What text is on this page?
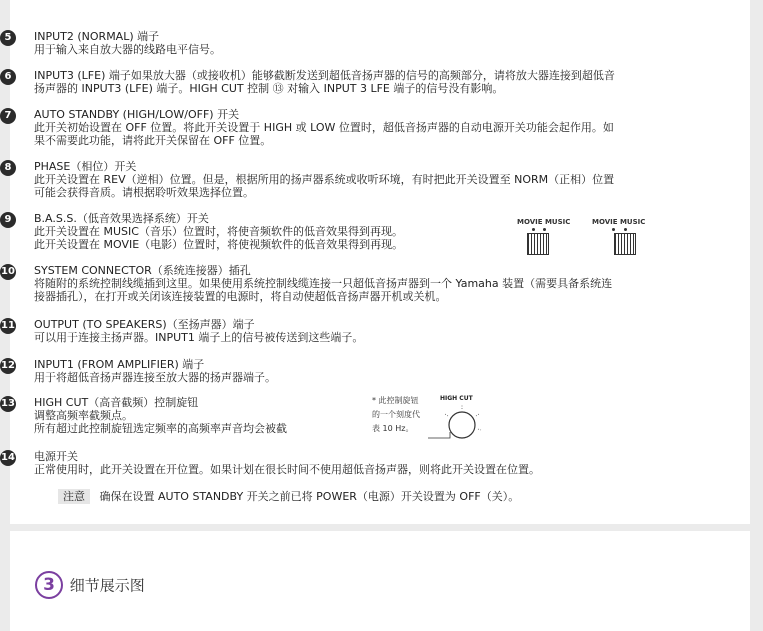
5	INPUT2 (NORMAL) 端子
用于输入来自放大器的线路电平信号。
6	INPUT3 (LFE) 端子如果放大器（或接收机）能够截断发送到超低音扬声器的信号的高频部分，请将放大器连接到超低音
扬声器的 INPUT3 (LFE) 端子。HIGH CUT 控制 ⑬ 对输入 INPUT 3 LFE 端子的信号没有影响。
7	AUTO STANDBY (HIGH/LOW/OFF) 开关
此开关初始设置在 OFF 位置。将此开关设置于 HIGH 或 LOW 位置时，超低音扬声器的自动电源开关功能会起作用。如
果不需要此功能，请将此开关保留在 OFF 位置。
8	PHASE（相位）开关
此开关设置在 REV（逆相）位置。但是，根据所用的扬声器系统或收听环境，有时把此开关设置至 NORM（正相）位置
可能会获得音质。请根据聆听效果选择位置。
9	B.A.S.S.（低音效果选择系统）开关
此开关设置在 MUSIC（音乐）位置时，将使音频软件的低音效果得到再现。
此开关设置在 MOVIE（电影）位置时，将使视频软件的低音效果得到再现。
MOVIE MUSIC	MOVIE MUSIC
10 SYSTEM CONNECTOR（系统连接器）插孔
将随附的系统控制线缆插到这里。如果使用系统控制线缆连接一只超低音扬声器到一个 Yamaha 装置（需要具备系统连
接器插孔），在打开或关闭该连接装置的电源时，将自动使超低音扬声器开机或关机。
11 OUTPUT (TO SPEAKERS)（至扬声器）端子
可以用于连接主扬声器。INPUT1 端子上的信号被传送到这些端子。
12 INPUT1 (FROM AMPLIFIER) 端子
用于将超低音扬声器连接至放大器的扬声器端子。
13 HIGH CUT（高音截频）控制旋钮
调整高频率截频点。
所有超过此控制旋钮选定频率的高频率声音均会被截
* 此控制旋钮
的一个刻度代
表 10 Hz。
HIGH CUT
14 电源开关
正常使用时，此开关设置在开位置。如果计划在很长时间不使用超低音扬声器，则将此开关设置在位置。
注意 确保在设置 AUTO STANDBY 开关之前已将 POWER（电源）开关设置为 OFF（关）。
3 细节展示图
